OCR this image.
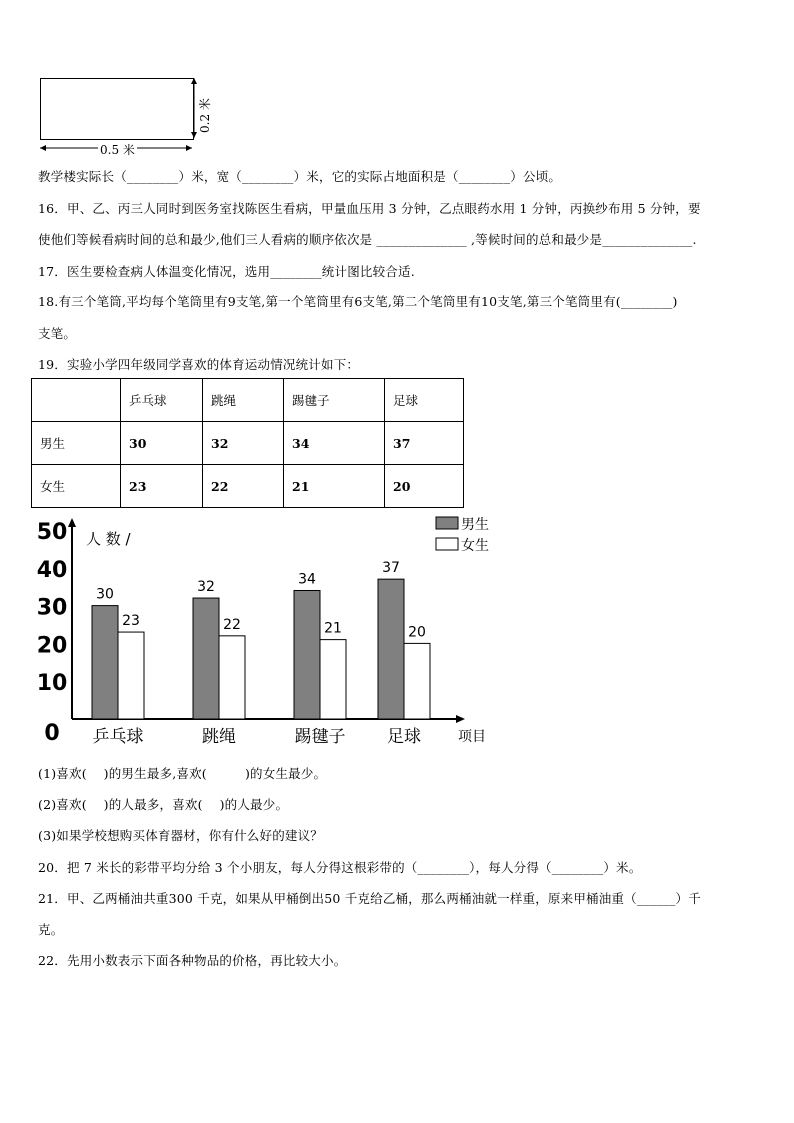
0.2 米
0.5 米
教学楼实际长（________）米，宽（________）米，它的实际占地面积是（________）公顷。
16．甲、乙、丙三人同时到医务室找陈医生看病，甲量血压用 3 分钟，乙点眼药水用 1 分钟，丙换纱布用 5 分钟，要
使他们等候看病时间的总和最少,他们三人看病的顺序依次是 ______________ ,等候时间的总和最少是______________.
17．医生要检查病人体温变化情况，选用________统计图比较合适.
18.有三个笔筒,平均每个笔筒里有9支笔,第一个笔筒里有6支笔,第二个笔筒里有10支笔,第三个笔筒里有(________)
支笔。
19．实验小学四年级同学喜欢的体育运动情况统计如下：
	乒乓球	跳绳	踢毽子	足球
男生	30	32	34	37
女生	23	22	21	20
0
10
20
30
40
50 人 数 /
项目
30
23
乒乓球
32
22
跳绳
34
21
踢毽子
37
20
足球
男生
女生
(1)喜欢(　 )的男生最多,喜欢(　　　)的女生最少。
(2)喜欢(　 )的人最多，喜欢(　 )的人最少。
(3)如果学校想购买体育器材，你有什么好的建议？
20．把 7 米长的彩带平均分给 3 个小朋友，每人分得这根彩带的（________），每人分得（________）米。
21．甲、乙两桶油共重300 千克，如果从甲桶倒出50 千克给乙桶，那么两桶油就一样重，原来甲桶油重（______）千
克。
22．先用小数表示下面各种物品的价格，再比较大小。
